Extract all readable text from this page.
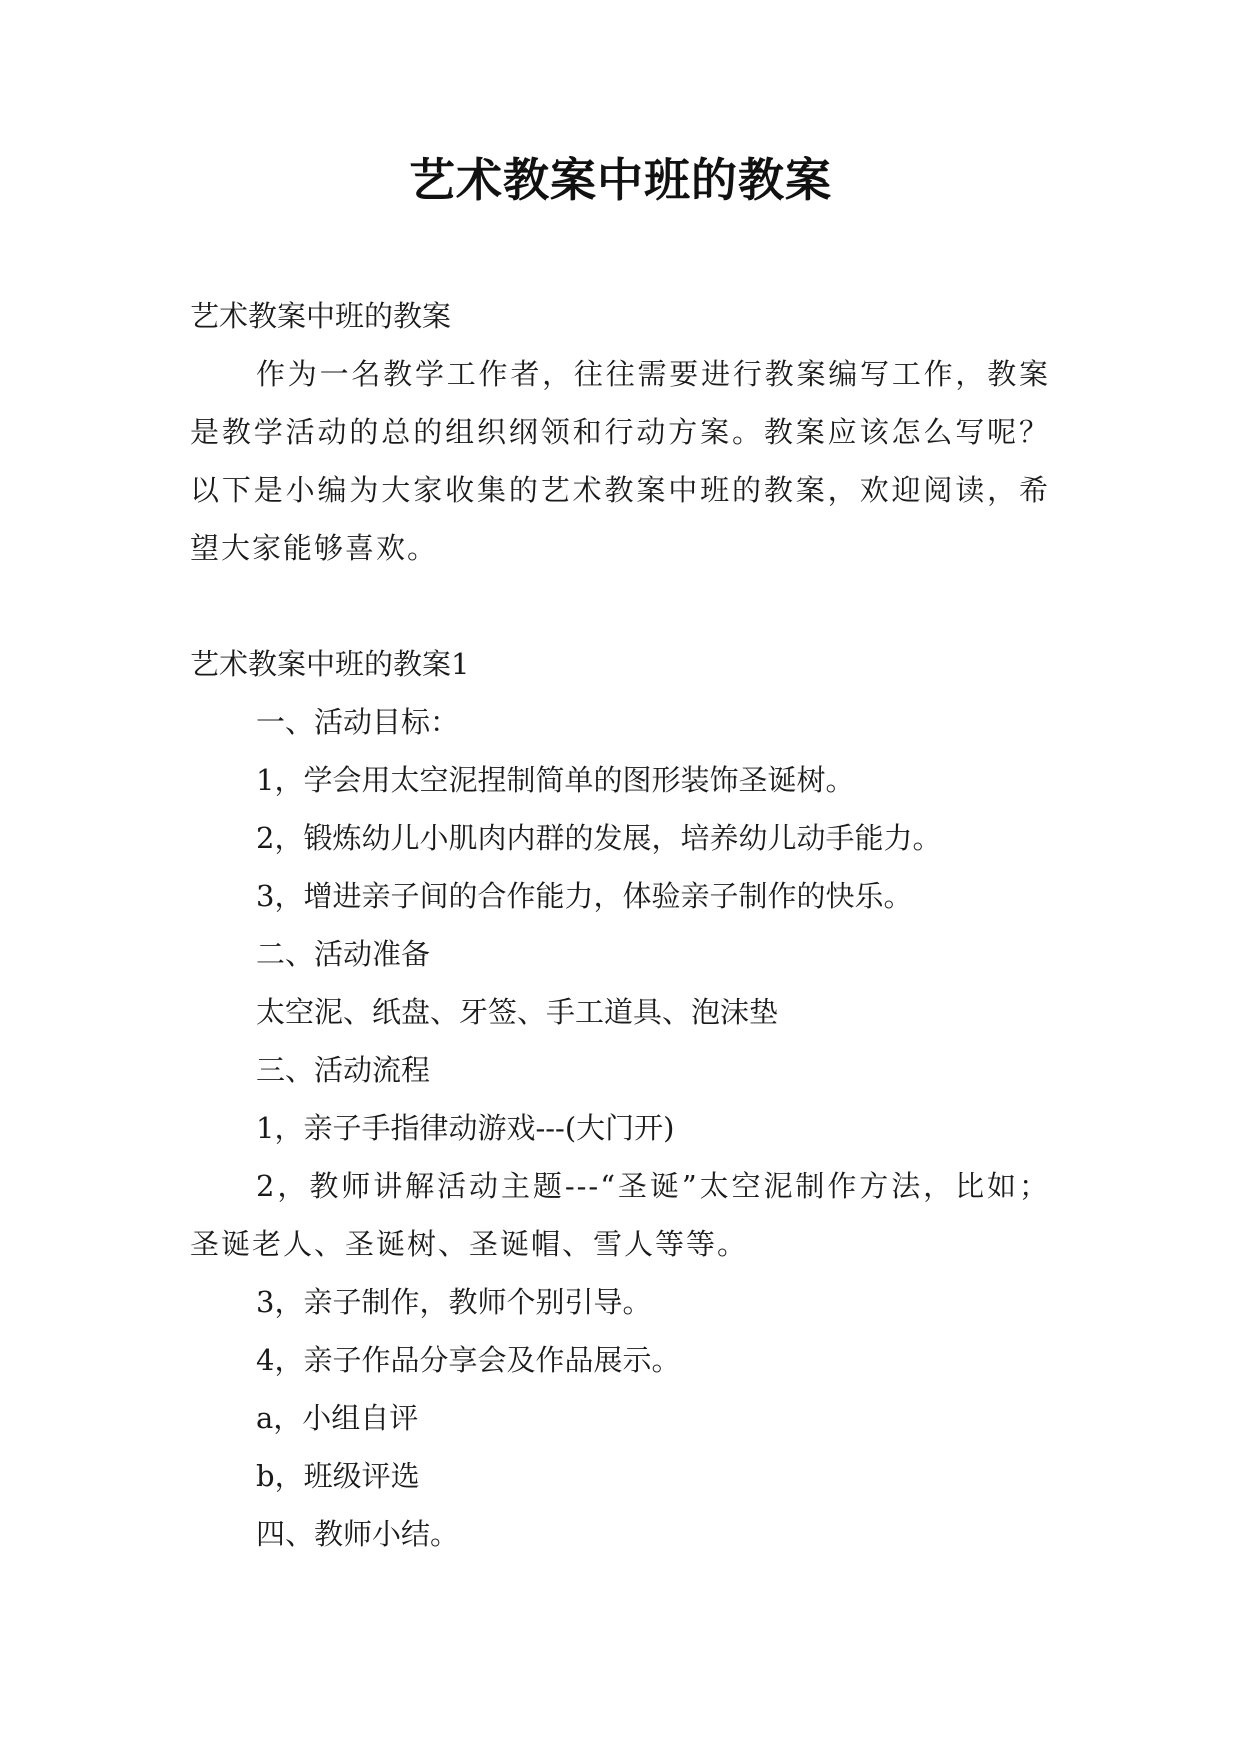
艺术教案中班的教案
艺术教案中班的教案
作为一名教学工作者，往往需要进行教案编写工作，教案是教学活动的总的组织纲领和行动方案。教案应该怎么写呢？以下是小编为大家收集的艺术教案中班的教案，欢迎阅读，希望大家能够喜欢。
艺术教案中班的教案1
一、活动目标：
1，学会用太空泥捏制简单的图形装饰圣诞树。
2，锻炼幼儿小肌肉内群的发展，培养幼儿动手能力。
3，增进亲子间的合作能力，体验亲子制作的快乐。
二、活动准备
太空泥、纸盘、牙签、手工道具、泡沫垫
三、活动流程
1，亲子手指律动游戏---(大门开)
2，教师讲解活动主题---“圣诞”太空泥制作方法，比如；圣诞老人、圣诞树、圣诞帽、雪人等等。
3，亲子制作，教师个别引导。
4，亲子作品分享会及作品展示。
a，小组自评
b，班级评选
四、教师小结。
